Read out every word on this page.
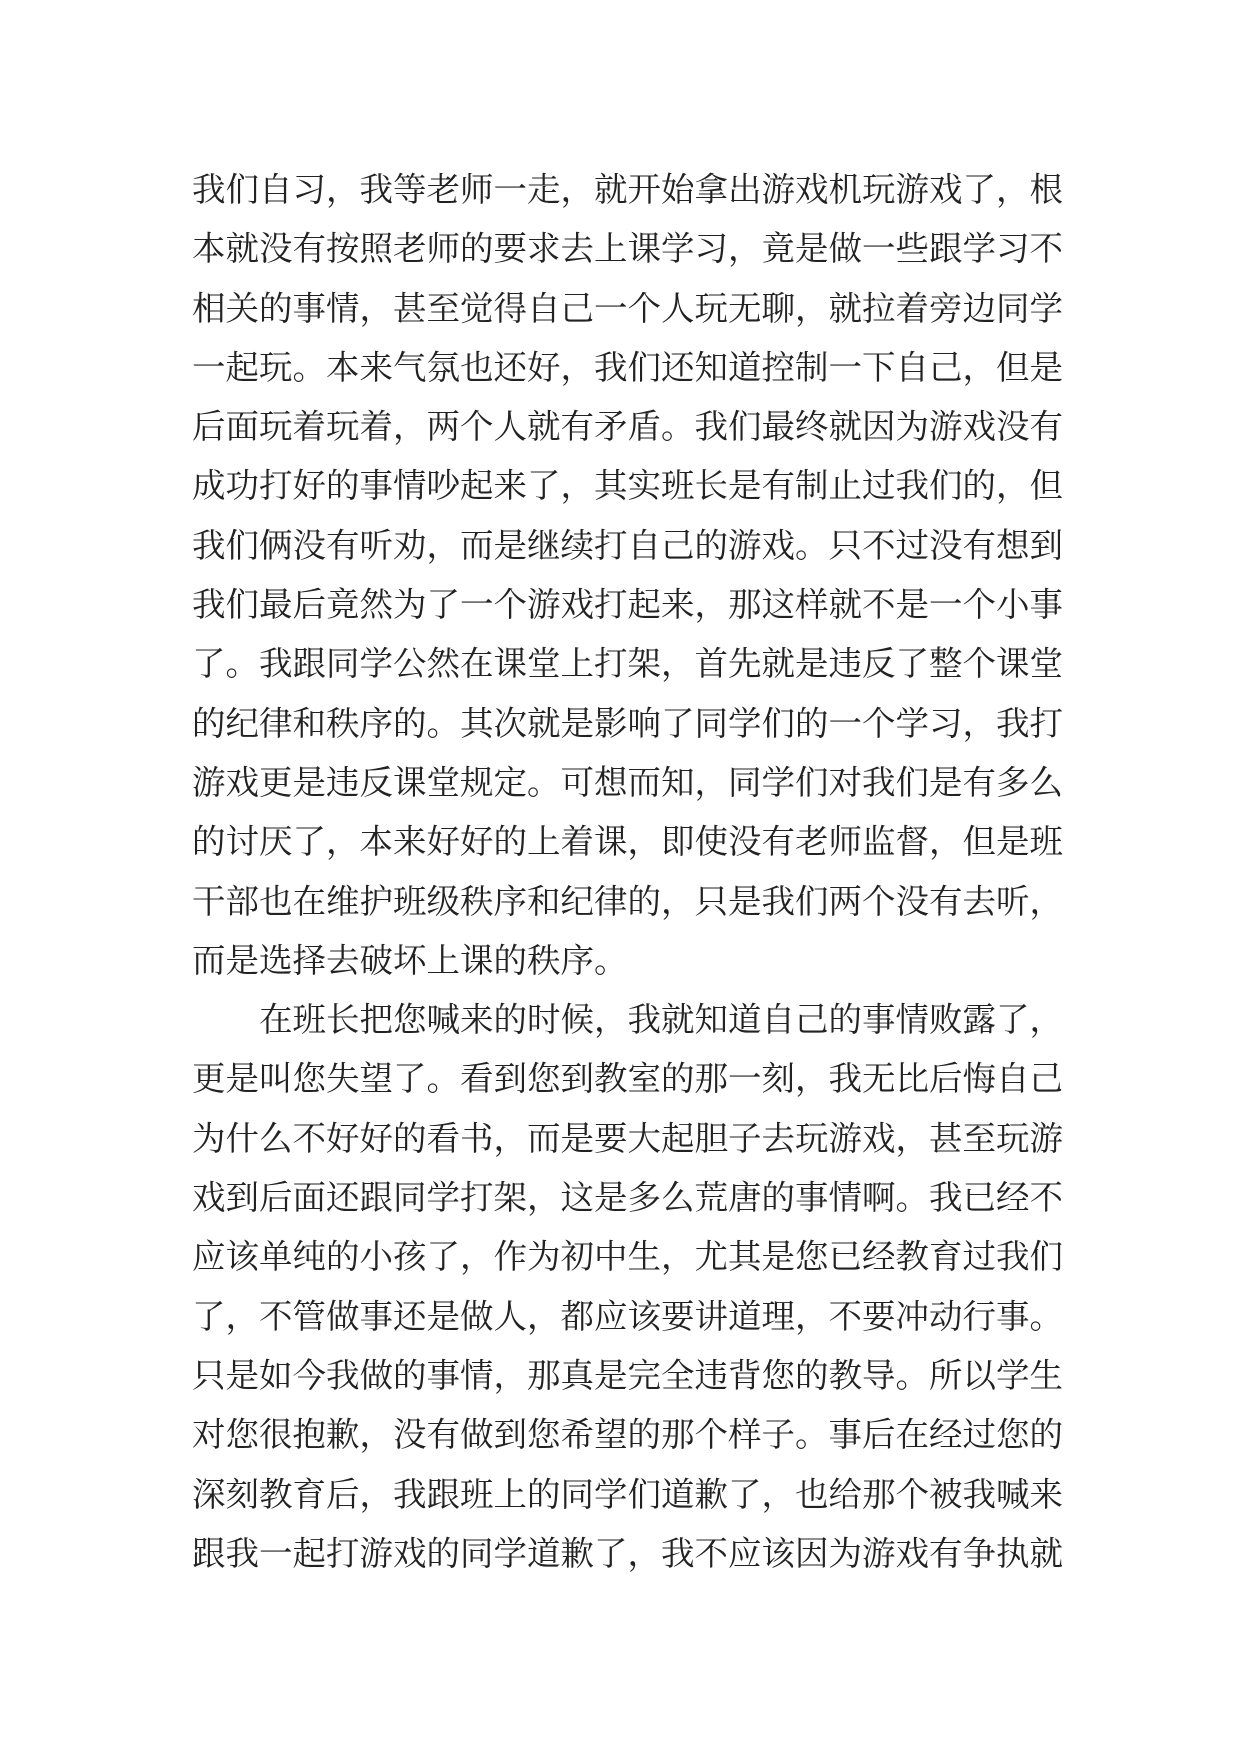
我们自习，我等老师一走，就开始拿出游戏机玩游戏了，根
本就没有按照老师的要求去上课学习，竟是做一些跟学习不
相关的事情，甚至觉得自己一个人玩无聊，就拉着旁边同学
一起玩。本来气氛也还好，我们还知道控制一下自己，但是
后面玩着玩着，两个人就有矛盾。我们最终就因为游戏没有
成功打好的事情吵起来了，其实班长是有制止过我们的，但
我们俩没有听劝，而是继续打自己的游戏。只不过没有想到
我们最后竟然为了一个游戏打起来，那这样就不是一个小事
了。我跟同学公然在课堂上打架，首先就是违反了整个课堂
的纪律和秩序的。其次就是影响了同学们的一个学习，我打
游戏更是违反课堂规定。可想而知，同学们对我们是有多么
的讨厌了，本来好好的上着课，即使没有老师监督，但是班
干部也在维护班级秩序和纪律的，只是我们两个没有去听，
而是选择去破坏上课的秩序。
在班长把您喊来的时候，我就知道自己的事情败露了，
更是叫您失望了。看到您到教室的那一刻，我无比后悔自己
为什么不好好的看书，而是要大起胆子去玩游戏，甚至玩游
戏到后面还跟同学打架，这是多么荒唐的事情啊。我已经不
应该单纯的小孩了，作为初中生，尤其是您已经教育过我们
了，不管做事还是做人，都应该要讲道理，不要冲动行事。
只是如今我做的事情，那真是完全违背您的教导。所以学生
对您很抱歉，没有做到您希望的那个样子。事后在经过您的
深刻教育后，我跟班上的同学们道歉了，也给那个被我喊来
跟我一起打游戏的同学道歉了，我不应该因为游戏有争执就
